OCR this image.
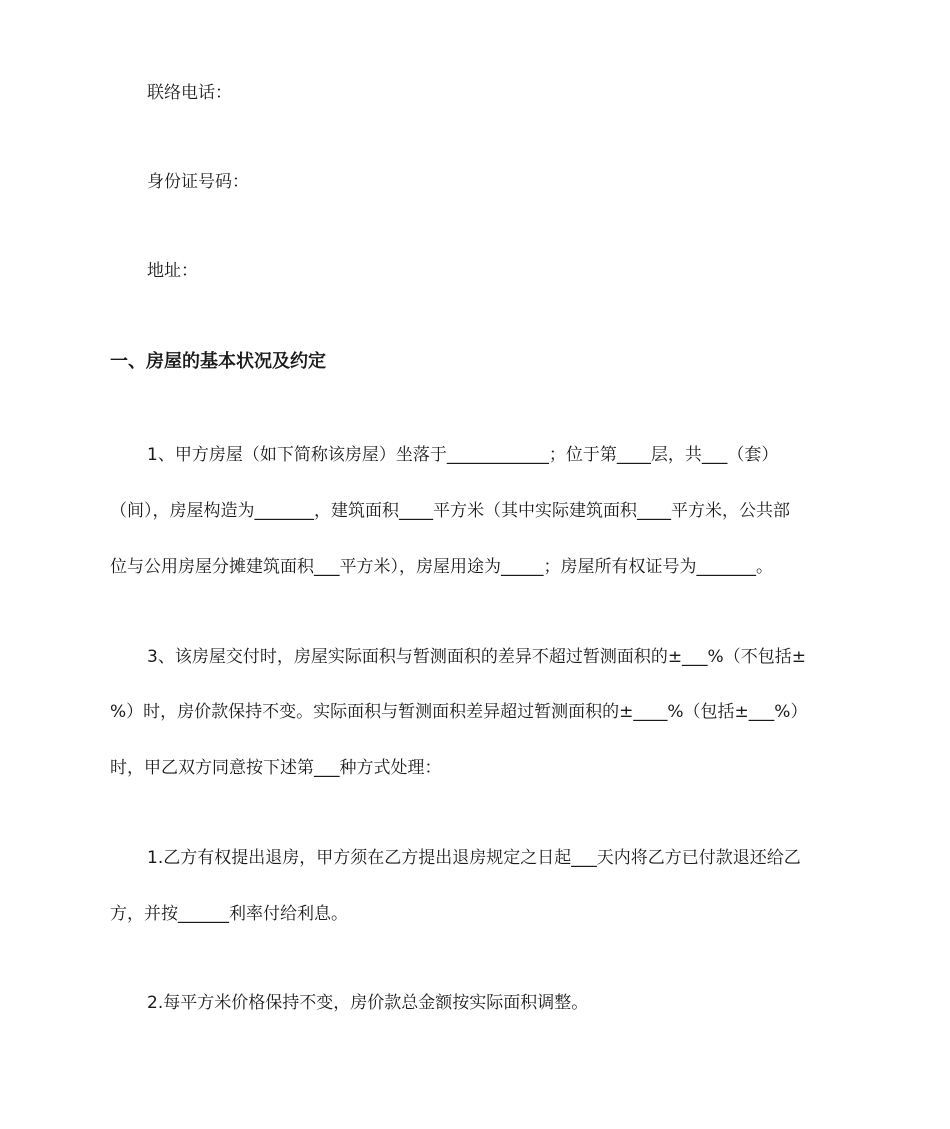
联络电话：
身份证号码：
地址：
一、房屋的基本状况及约定
1、甲方房屋（如下简称该房屋）坐落于____________；位于第____层，共___（套）
（间），房屋构造为_______，建筑面积____平方米（其中实际建筑面积____平方米，公共部
位与公用房屋分摊建筑面积___平方米），房屋用途为_____；房屋所有权证号为_______。
3、该房屋交付时，房屋实际面积与暂测面积的差异不超过暂测面积的±___%（不包括±
%）时，房价款保持不变。实际面积与暂测面积差异超过暂测面积的±____%（包括±___%）
时，甲乙双方同意按下述第___种方式处理：
1.乙方有权提出退房，甲方须在乙方提出退房规定之日起___天内将乙方已付款退还给乙
方，并按______利率付给利息。
2.每平方米价格保持不变，房价款总金额按实际面积调整。
